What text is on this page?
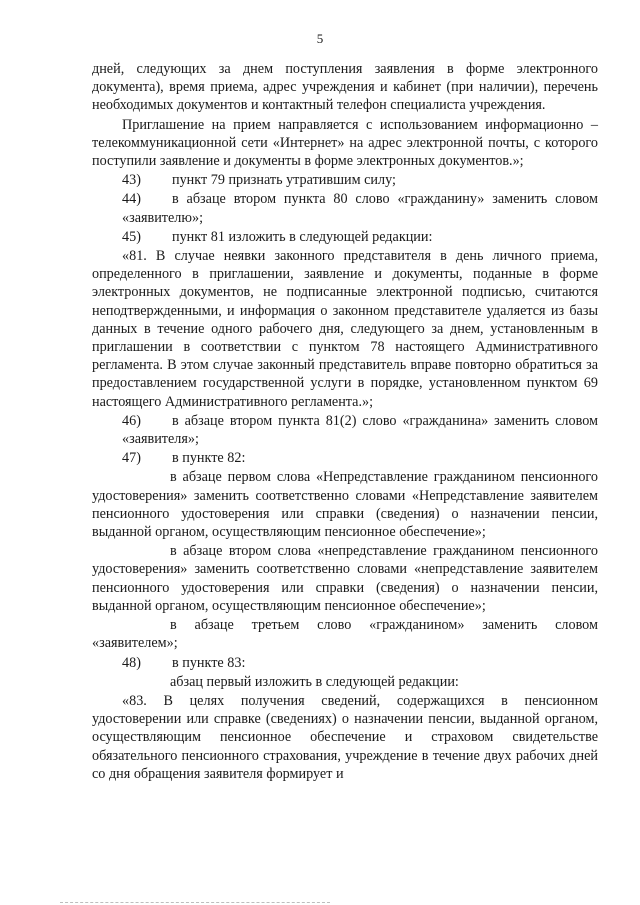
5

дней, следующих за днем поступления заявления в форме электронного документа), время приема, адрес учреждения и кабинет (при наличии), перечень необходимых документов и контактный телефон специалиста учреждения.

Приглашение на прием направляется с использованием информационно – телекоммуникационной сети «Интернет» на адрес электронной почты, с которого поступили заявление и документы в форме электронных документов.»;

43) пункт 79 признать утратившим силу;

44) в абзаце втором пункта 80 слово «гражданину» заменить словом «заявителю»;

45) пункт 81 изложить в следующей редакции:

«81. В случае неявки законного представителя в день личного приема, определенного в приглашении, заявление и документы, поданные в форме электронных документов, не подписанные электронной подписью, считаются неподтвержденными, и информация о законном представителе удаляется из базы данных в течение одного рабочего дня, следующего за днем, установленным в приглашении в соответствии с пунктом 78 настоящего Административного регламента. В этом случае законный представитель вправе повторно обратиться за предоставлением государственной услуги в порядке, установленном пунктом 69 настоящего Административного регламента.»;

46) в абзаце втором пункта 81(2) слово «гражданина» заменить словом «заявителя»;

47) в пункте 82:

в абзаце первом слова «Непредставление гражданином пенсионного удостоверения» заменить соответственно словами «Непредставление заявителем пенсионного удостоверения или справки (сведения) о назначении пенсии, выданной органом, осуществляющим пенсионное обеспечение»;

в абзаце втором слова «непредставление гражданином пенсионного удостоверения» заменить соответственно словами «непредставление заявителем пенсионного удостоверения или справки (сведения) о назначении пенсии, выданной органом, осуществляющим пенсионное обеспечение»;

в абзаце третьем слово «гражданином» заменить словом «заявителем»;

48) в пункте 83:

абзац первый изложить в следующей редакции:

«83. В целях получения сведений, содержащихся в пенсионном удостоверении или справке (сведениях) о назначении пенсии, выданной органом, осуществляющим пенсионное обеспечение и страховом свидетельстве обязательного пенсионного страхования, учреждение в течение двух рабочих дней со дня обращения заявителя формирует и
